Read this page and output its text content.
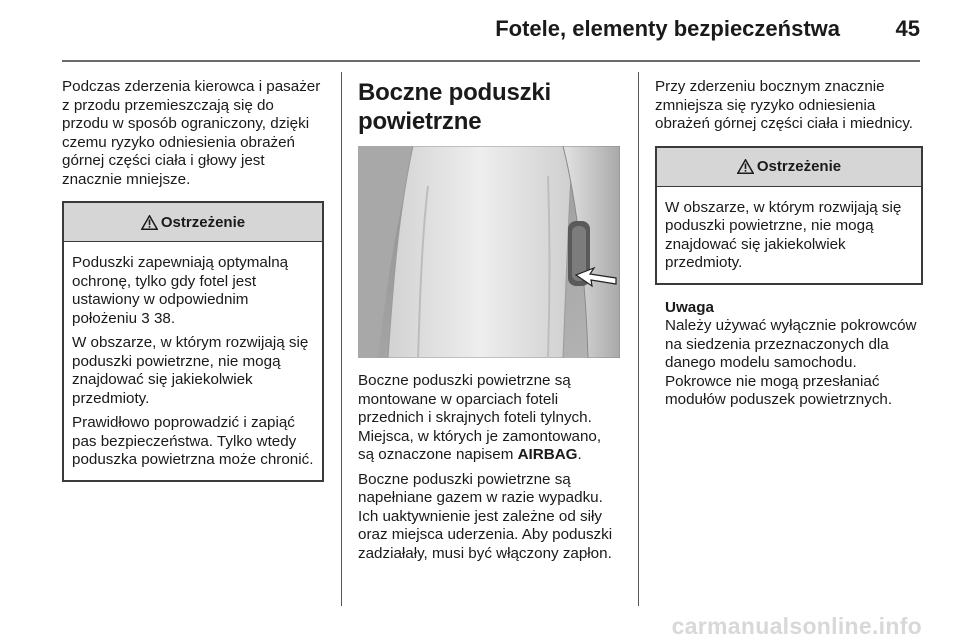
Fotele, elementy bezpieczeństwa	45

Podczas zderzenia kierowca i pasażer z przodu przemieszczają się do przodu w sposób ograniczony, dzięki czemu ryzyko odniesienia obrażeń górnej części ciała i głowy jest znacznie mniejsze.

Ostrzeżenie

Poduszki zapewniają optymalną ochronę, tylko gdy fotel jest ustawiony w odpowiednim położeniu 3 38.

W obszarze, w którym rozwijają się poduszki powietrzne, nie mogą znajdować się jakiekolwiek przedmioty.

Prawidłowo poprowadzić i zapiąć pas bezpieczeństwa. Tylko wtedy poduszka powietrzna może chronić.

Boczne poduszki powietrzne

Boczne poduszki powietrzne są montowane w oparciach foteli przednich i skrajnych foteli tylnych. Miejsca, w których je zamontowano, są oznaczone napisem AIRBAG.

Boczne poduszki powietrzne są napełniane gazem w razie wypadku. Ich uaktywnienie jest zależne od siły oraz miejsca uderzenia. Aby poduszki zadziałały, musi być włączony zapłon.

Przy zderzeniu bocznym znacznie zmniejsza się ryzyko odniesienia obrażeń górnej części ciała i miednicy.

Ostrzeżenie

W obszarze, w którym rozwijają się poduszki powietrzne, nie mogą znajdować się jakiekolwiek przedmioty.

Uwaga

Należy używać wyłącznie pokrowców na siedzenia przeznaczonych dla danego modelu samochodu. Pokrowce nie mogą przesłaniać modułów poduszek powietrznych.

carmanualsonline.info
